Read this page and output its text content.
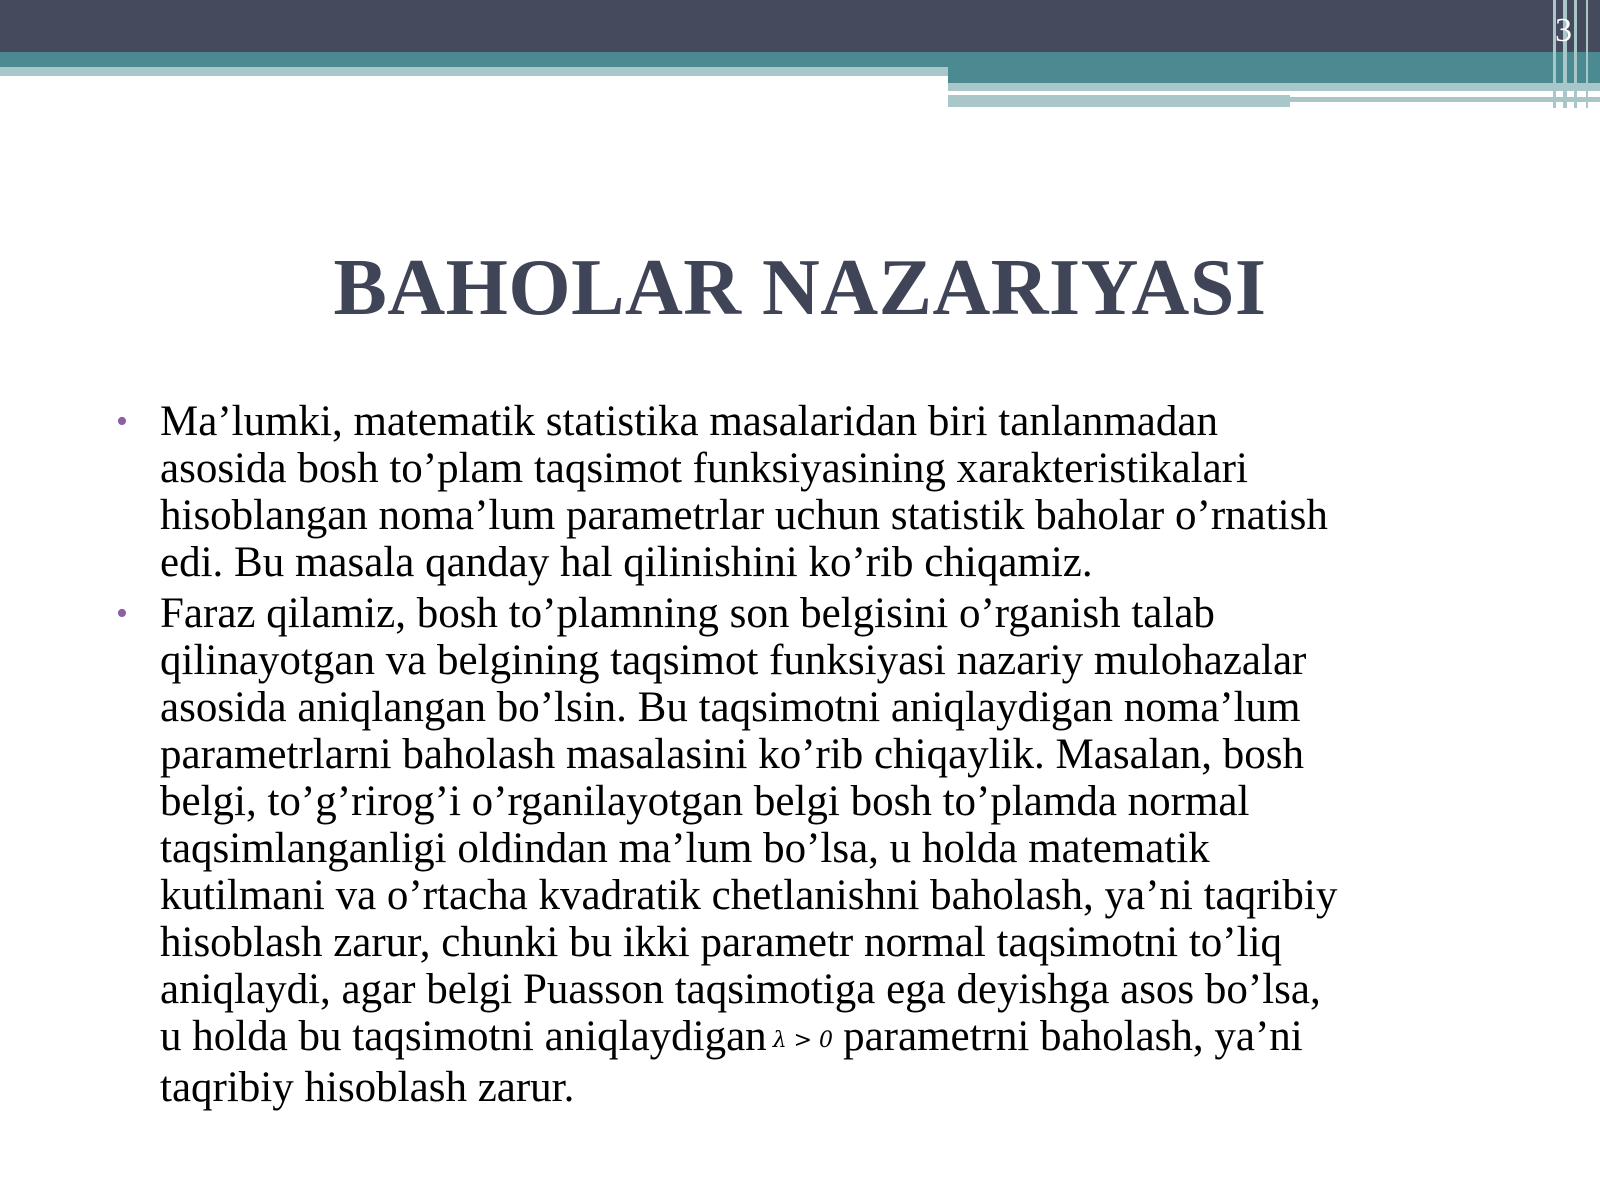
3
BAHOLAR NAZARIYASI
• Ma’lumki, matematik statistika masalaridan biri tanlanmadan
asosida bosh to’plam taqsimot funksiyasining xarakteristikalari
hisoblangan noma’lum parametrlar uchun statistik baholar o’rnatish
edi. Bu masala qanday hal qilinishini ko’rib chiqamiz.
• Faraz qilamiz, bosh to’plamning son belgisini o’rganish talab
qilinayotgan va belgining taqsimot funksiyasi nazariy mulohazalar
asosida aniqlangan bo’lsin. Bu taqsimotni aniqlaydigan noma’lum
parametrlarni baholash masalasini ko’rib chiqaylik. Masalan, bosh
belgi, to’g’rirog’i o’rganilayotgan belgi bosh to’plamda normal
taqsimlanganligi oldindan ma’lum bo’lsa, u holda matematik
kutilmani va o’rtacha kvadratik chetlanishni baholash, ya’ni taqribiy
hisoblash zarur, chunki bu ikki parametr normal taqsimotni to’liq
aniqlaydi, agar belgi Puasson taqsimotiga ega deyishga asos bo’lsa,
u holda bu taqsimotni aniqlaydigan λ > 0 parametrni baholash, ya’ni
taqribiy hisoblash zarur.
